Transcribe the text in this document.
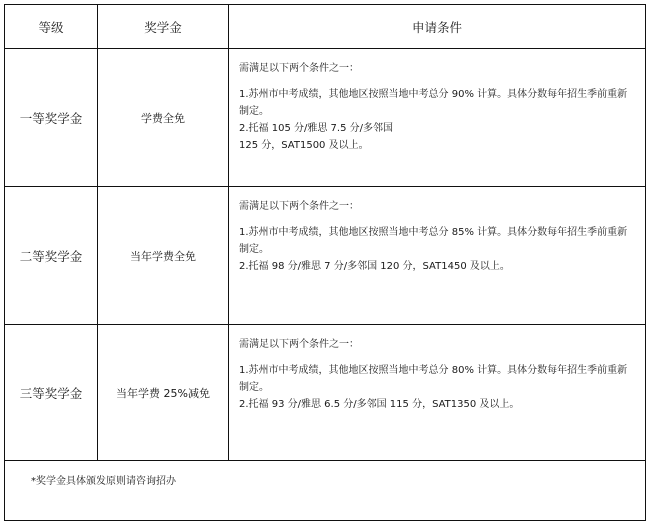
等级	奖学金	申请条件
一等奖学金	学费全免	需满足以下两个条件之一：

1.苏州市中考成绩，其他地区按照当地中考总分 90% 计算。具体分数每年招生季前重新制定。

2.托福 105 分/雅思 7.5 分/多邻国

125 分，SAT1500 及以上。

二等奖学金	当年学费全免	需满足以下两个条件之一：

1.苏州市中考成绩，其他地区按照当地中考总分 85% 计算。具体分数每年招生季前重新制定。

2.托福 98 分/雅思 7 分/多邻国 120 分，SAT1450 及以上。

三等奖学金	当年学费 25%减免	需满足以下两个条件之一：

1.苏州市中考成绩，其他地区按照当地中考总分 80% 计算。具体分数每年招生季前重新制定。

2.托福 93 分/雅思 6.5 分/多邻国 115 分，SAT1350 及以上。

*奖学金具体颁发原则请咨询招办		
